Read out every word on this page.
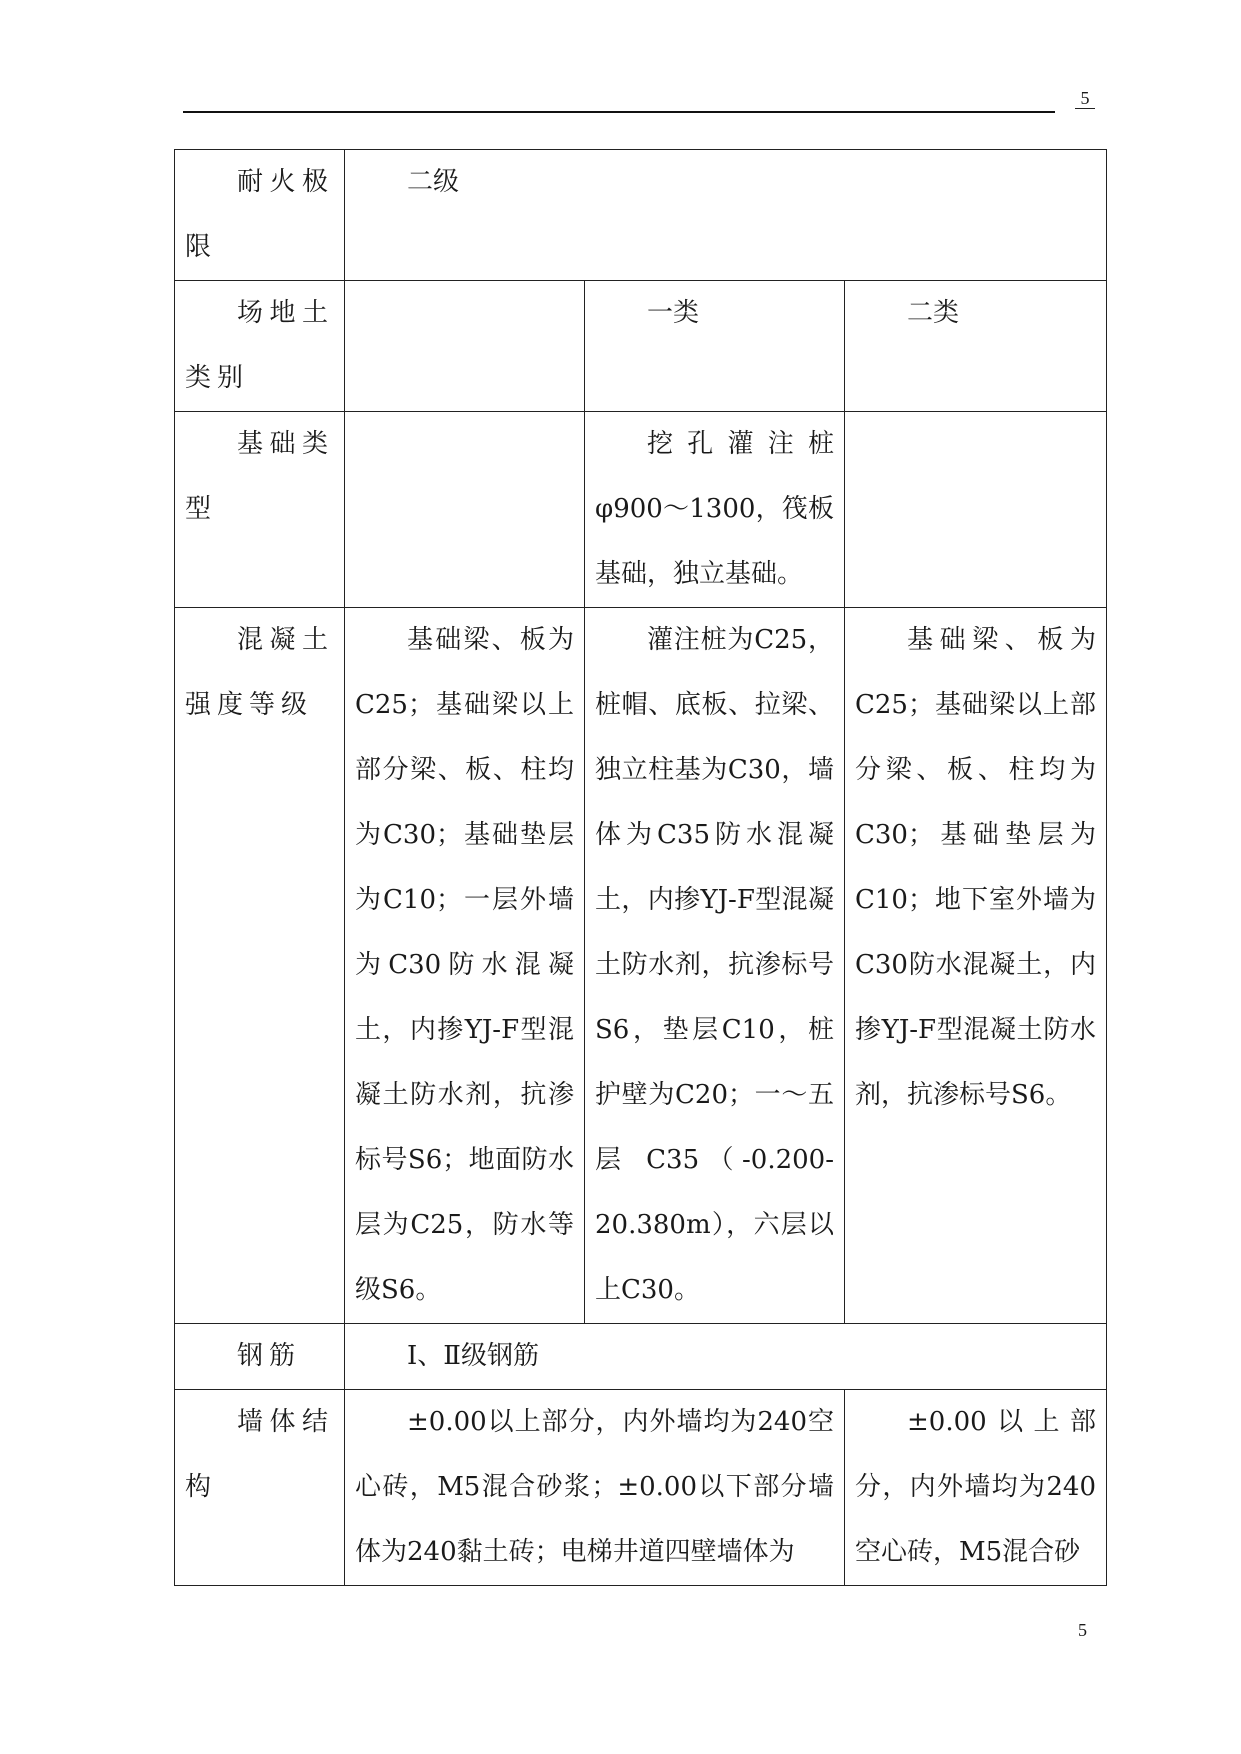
5
耐火极限	二级		
场地土类别		一类	二类
基础类型		挖孔灌注桩φ900～1300，筏板基础，独立基础。	
混凝土强度等级	基础梁、板为C25；基础梁以上部分梁、板、柱均为C30；基础垫层为C10；一层外墙为C30防水混凝土，内掺YJ-F型混凝土防水剂，抗渗标号S6；地面防水层为C25，防水等级S6。	灌注桩为C25，桩帽、底板、拉梁、独立柱基为C30，墙体为C35防水混凝土，内掺YJ-F型混凝土防水剂，抗渗标号S6，垫层C10，桩护壁为C20；一～五层 C35（-0.200-20.380m），六层以上C30。	基础梁、板为C25；基础梁以上部分梁、板、柱均为C30；基础垫层为C10；地下室外墙为C30防水混凝土，内掺YJ-F型混凝土防水剂，抗渗标号S6。
钢筋	Ⅰ、Ⅱ级钢筋		
墙体结构	±0.00以上部分，内外墙均为240空心砖，M5混合砂浆；±0.00以下部分墙体为240黏土砖；电梯井道四壁墙体为		±0.00以上部分，内外墙均为240空心砖，M5混合砂
5
